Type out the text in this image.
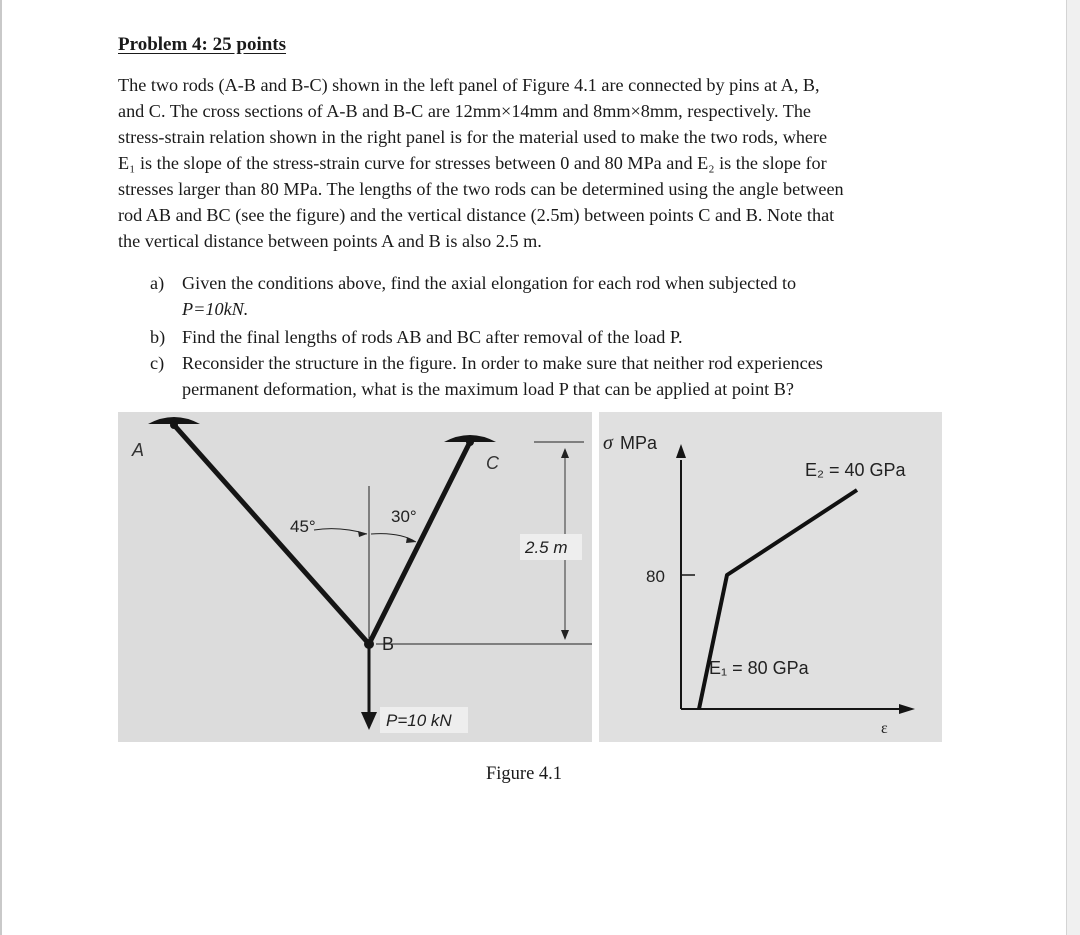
Problem 4: 25 points

The two rods (A-B and B-C) shown in the left panel of Figure 4.1 are connected by pins at A, B,
and C. The cross sections of A-B and B-C are 12mm×14mm and 8mm×8mm, respectively. The
stress-strain relation shown in the right panel is for the material used to make the two rods, where
E₁ is the slope of the stress-strain curve for stresses between 0 and 80 MPa and E₂ is the slope for
stresses larger than 80 MPa. The lengths of the two rods can be determined using the angle between
rod AB and BC (see the figure) and the vertical distance (2.5m) between points C and B. Note that
the vertical distance between points A and B is also 2.5 m.

a) Given the conditions above, find the axial elongation for each rod when subjected to
P=10kN.
b) Find the final lengths of rods AB and BC after removal of the load P.
c) Reconsider the structure in the figure. In order to make sure that neither rod experiences
permanent deformation, what is the maximum load P that can be applied at point B?
A
C
B
45°
30°
2.5 m
P=10 kN
σ MPa
80
E₂ = 40 GPa
E₁ = 80 GPa
ε

Figure 4.1
